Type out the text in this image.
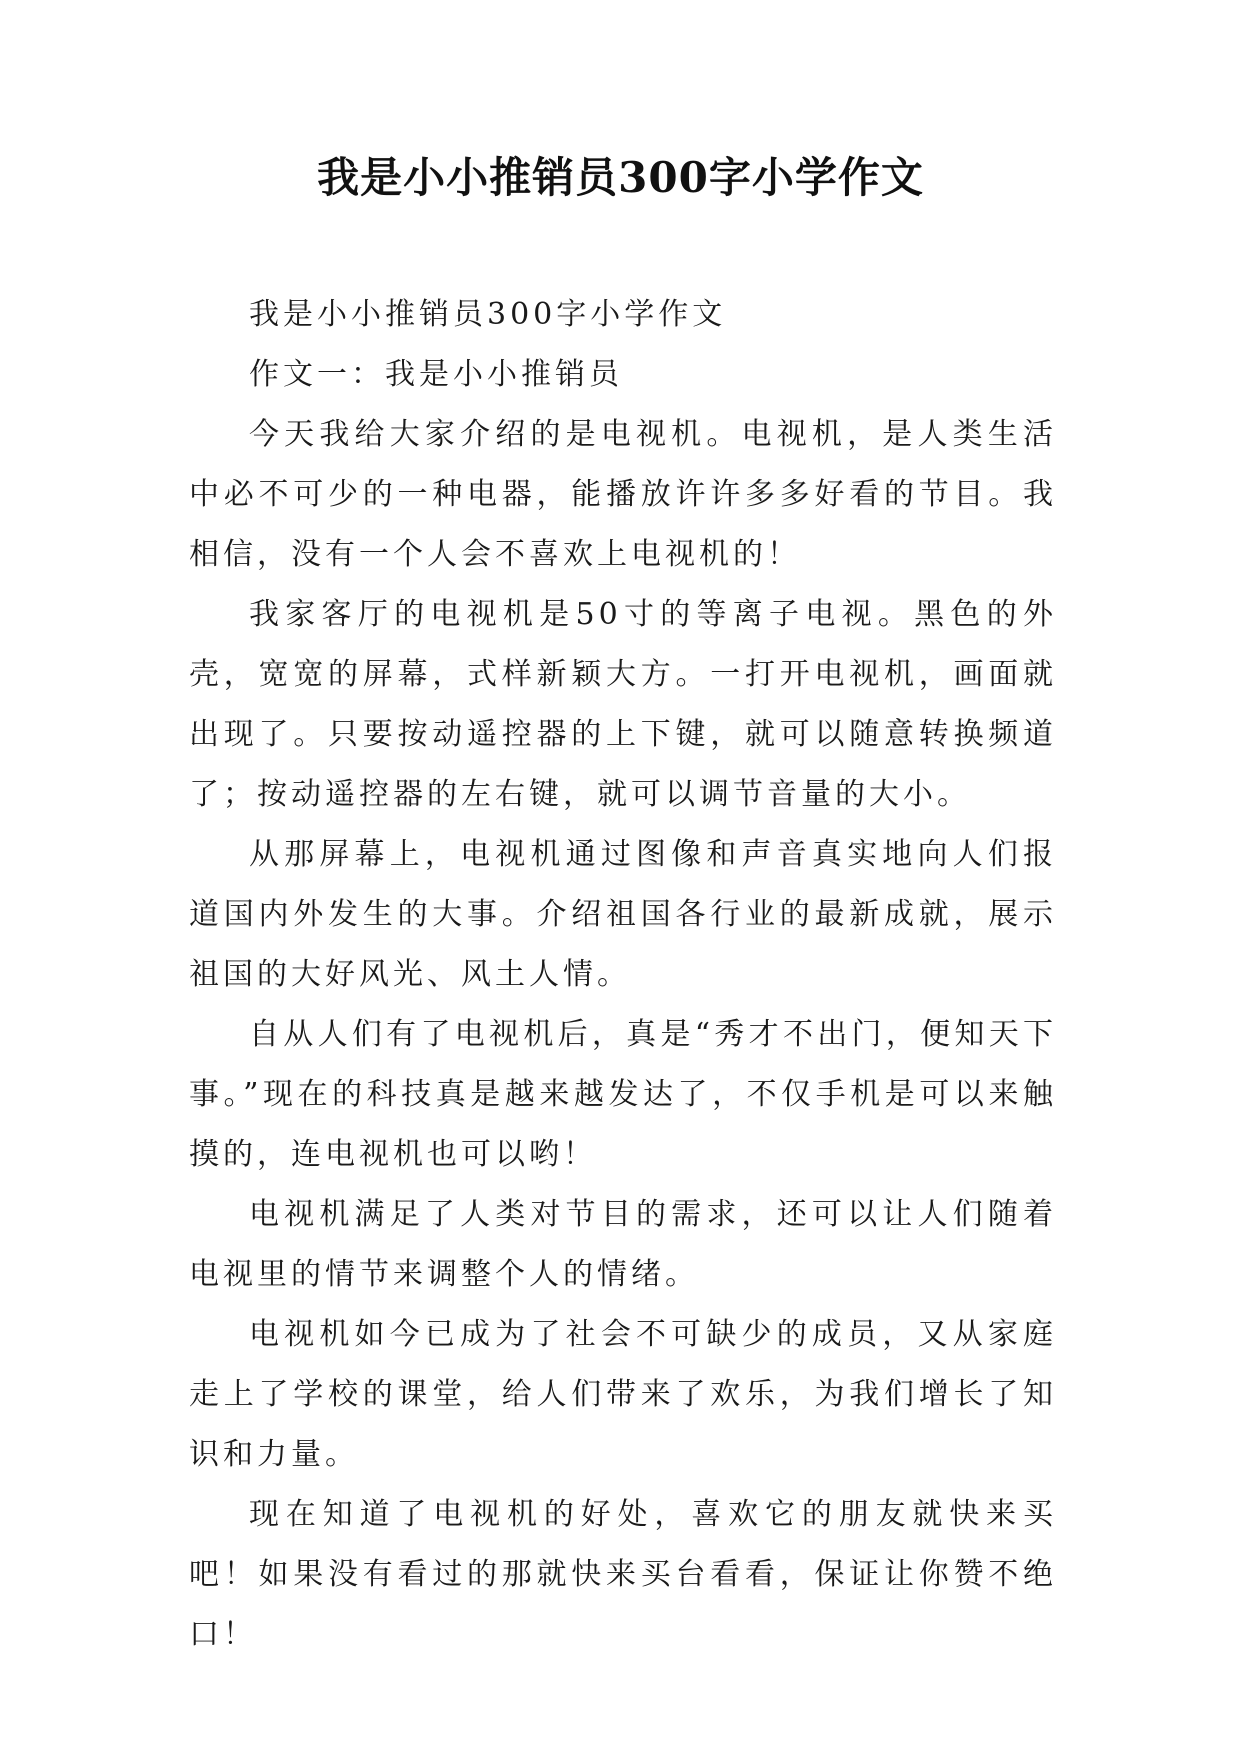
我是小小推销员300字小学作文

我是小小推销员300字小学作文

作文一：我是小小推销员

今天我给大家介绍的是电视机。电视机，是人类生活中必不可少的一种电器，能播放许许多多好看的节目。我相信，没有一个人会不喜欢上电视机的！

我家客厅的电视机是50寸的等离子电视。黑色的外壳，宽宽的屏幕，式样新颖大方。一打开电视机，画面就出现了。只要按动遥控器的上下键，就可以随意转换频道了；按动遥控器的左右键，就可以调节音量的大小。

从那屏幕上，电视机通过图像和声音真实地向人们报道国内外发生的大事。介绍祖国各行业的最新成就，展示祖国的大好风光、风土人情。

自从人们有了电视机后，真是“秀才不出门，便知天下事。”现在的科技真是越来越发达了，不仅手机是可以来触摸的，连电视机也可以哟！

电视机满足了人类对节目的需求，还可以让人们随着电视里的情节来调整个人的情绪。

电视机如今已成为了社会不可缺少的成员，又从家庭走上了学校的课堂，给人们带来了欢乐，为我们增长了知识和力量。

现在知道了电视机的好处，喜欢它的朋友就快来买吧！如果没有看过的那就快来买台看看，保证让你赞不绝口！
